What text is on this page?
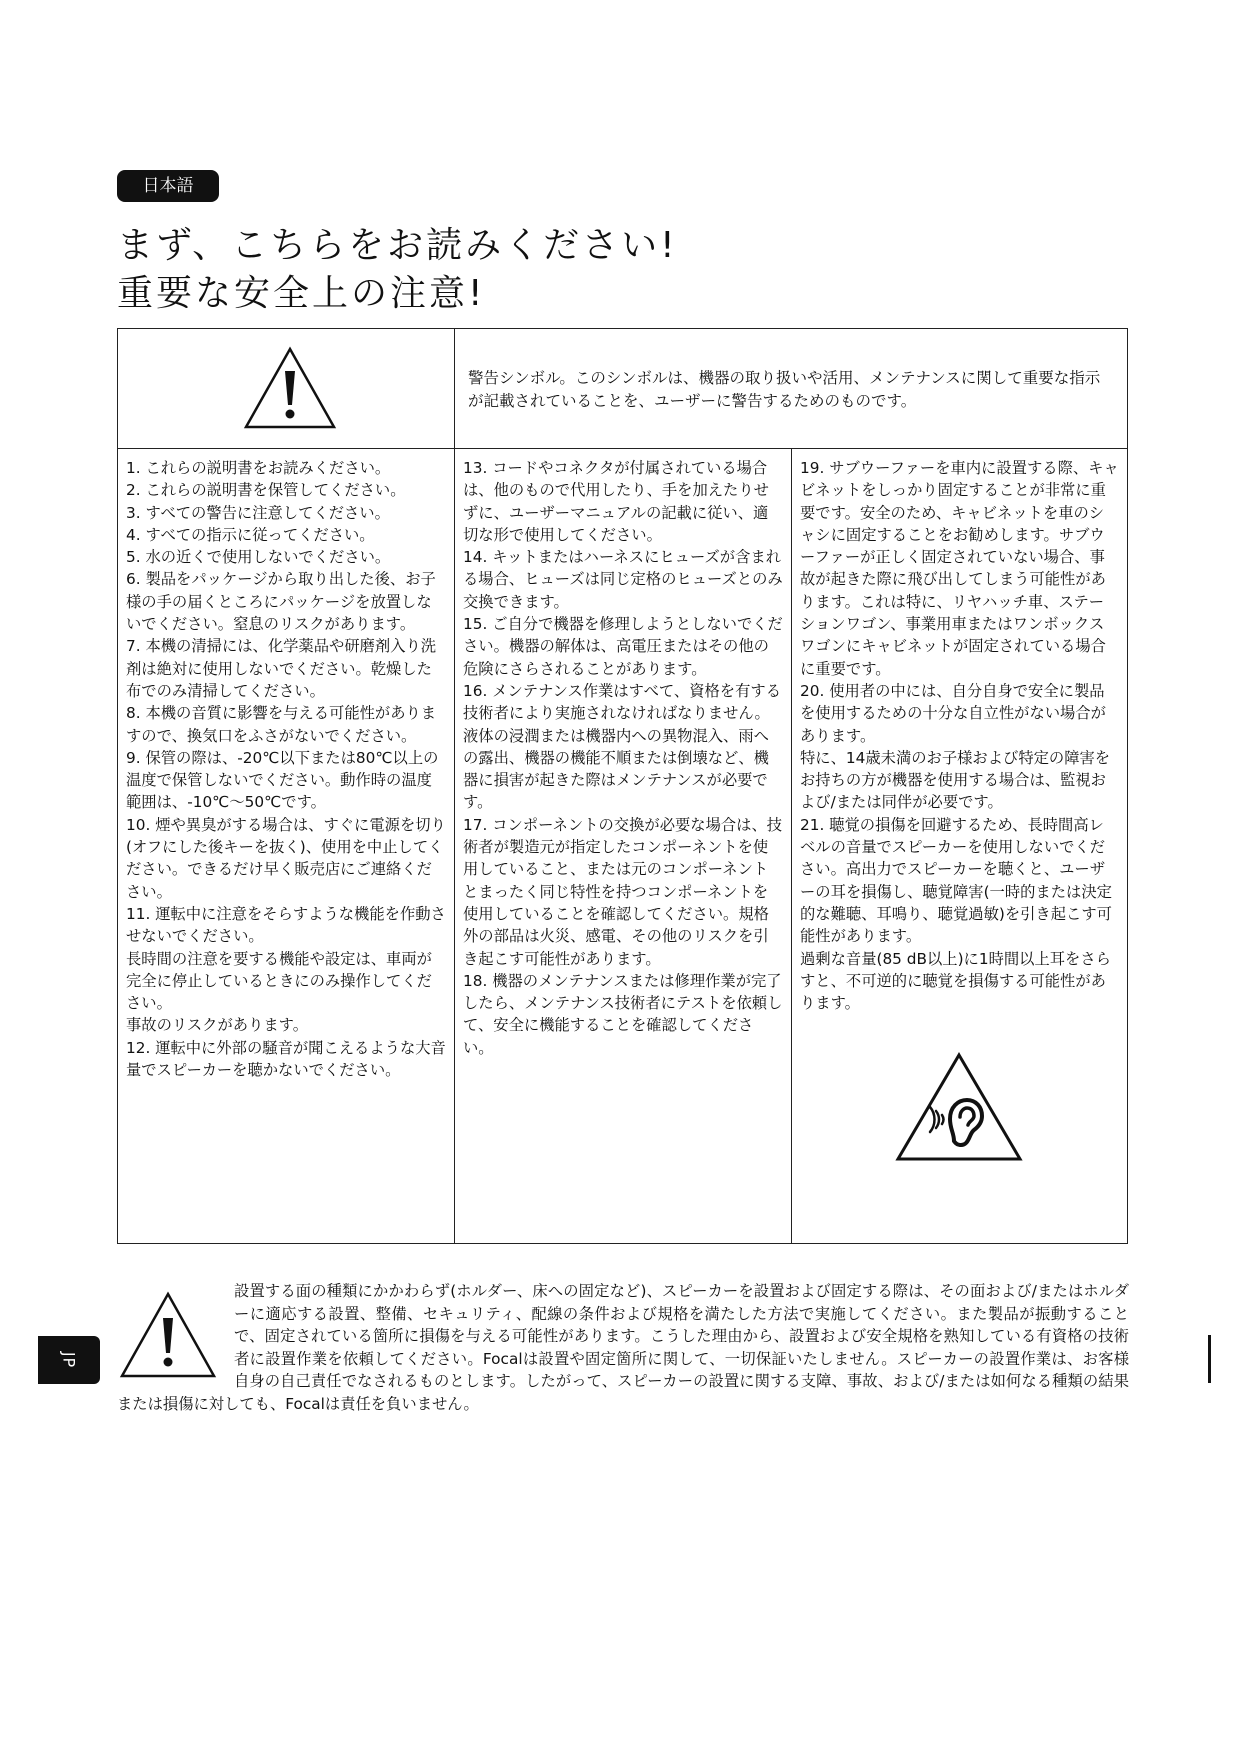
日本語
まず、こちらをお読みください!
重要な安全上の注意!
警告シンボル。このシンボルは、機器の取り扱いや活用、メンテナンスに関して重要な指示が記載されていることを、ユーザーに警告するためのものです。

1. これらの説明書をお読みください。

2. これらの説明書を保管してください。

3. すべての警告に注意してください。

4. すべての指示に従ってください。

5. 水の近くで使用しないでください。

6. 製品をパッケージから取り出した後、お子様の手の届くところにパッケージを放置しないでください。窒息のリスクがあります。

7. 本機の清掃には、化学薬品や研磨剤入り洗剤は絶対に使用しないでください。乾燥した布でのみ清掃してください。

8. 本機の音質に影響を与える可能性がありますので、換気口をふさがないでください。

9. 保管の際は、-20℃以下または80℃以上の温度で保管しないでください。動作時の温度範囲は、-10℃〜50℃です。

10. 煙や異臭がする場合は、すぐに電源を切り(オフにした後キーを抜く)、使用を中止してください。できるだけ早く販売店にご連絡ください。

11. 運転中に注意をそらすような機能を作動させないでください。

長時間の注意を要する機能や設定は、車両が完全に停止しているときにのみ操作してください。

事故のリスクがあります。

12. 運転中に外部の騒音が聞こえるような大音量でスピーカーを聴かないでください。

13. コードやコネクタが付属されている場合は、他のもので代用したり、手を加えたりせずに、ユーザーマニュアルの記載に従い、適切な形で使用してください。

14. キットまたはハーネスにヒューズが含まれる場合、ヒューズは同じ定格のヒューズとのみ交換できます。

15. ご自分で機器を修理しようとしないでください。機器の解体は、高電圧またはその他の危険にさらされることがあります。

16. メンテナンス作業はすべて、資格を有する技術者により実施されなければなりません。液体の浸潤または機器内への異物混入、雨への露出、機器の機能不順または倒壊など、機器に損害が起きた際はメンテナンスが必要です。

17. コンポーネントの交換が必要な場合は、技術者が製造元が指定したコンポーネントを使用していること、または元のコンポーネントとまったく同じ特性を持つコンポーネントを使用していることを確認してください。規格外の部品は火災、感電、その他のリスクを引き起こす可能性があります。

18. 機器のメンテナンスまたは修理作業が完了したら、メンテナンス技術者にテストを依頼して、安全に機能することを確認してください。

19. サブウーファーを車内に設置する際、キャビネットをしっかり固定することが非常に重要です。安全のため、キャビネットを車のシャシに固定することをお勧めします。サブウーファーが正しく固定されていない場合、事故が起きた際に飛び出してしまう可能性があります。これは特に、リヤハッチ車、ステーションワゴン、事業用車またはワンボックスワゴンにキャビネットが固定されている場合に重要です。

20. 使用者の中には、自分自身で安全に製品を使用するための十分な自立性がない場合があります。

特に、14歳未満のお子様および特定の障害をお持ちの方が機器を使用する場合は、監視および/または同伴が必要です。

21. 聴覚の損傷を回避するため、長時間高レベルの音量でスピーカーを使用しないでください。高出力でスピーカーを聴くと、ユーザーの耳を損傷し、聴覚障害(一時的または決定的な難聴、耳鳴り、聴覚過敏)を引き起こす可能性があります。

過剰な音量(85 dB以上)に1時間以上耳をさらすと、不可逆的に聴覚を損傷する可能性があります。

設置する面の種類にかかわらず(ホルダー、床への固定など)、スピーカーを設置および固定する際は、その面および/またはホルダーに適応する設置、整備、セキュリティ、配線の条件および規格を満たした方法で実施してください。また製品が振動することで、固定されている箇所に損傷を与える可能性があります。こうした理由から、設置および安全規格を熟知している有資格の技術者に設置作業を依頼してください。Focalは設置や固定箇所に関して、一切保証いたしません。スピーカーの設置作業は、お客様自身の自己責任でなされるものとします。したがって、スピーカーの設置に関する支障、事故、および/または如何なる種類の結果または損傷に対しても、Focalは責任を負いません。
JP
